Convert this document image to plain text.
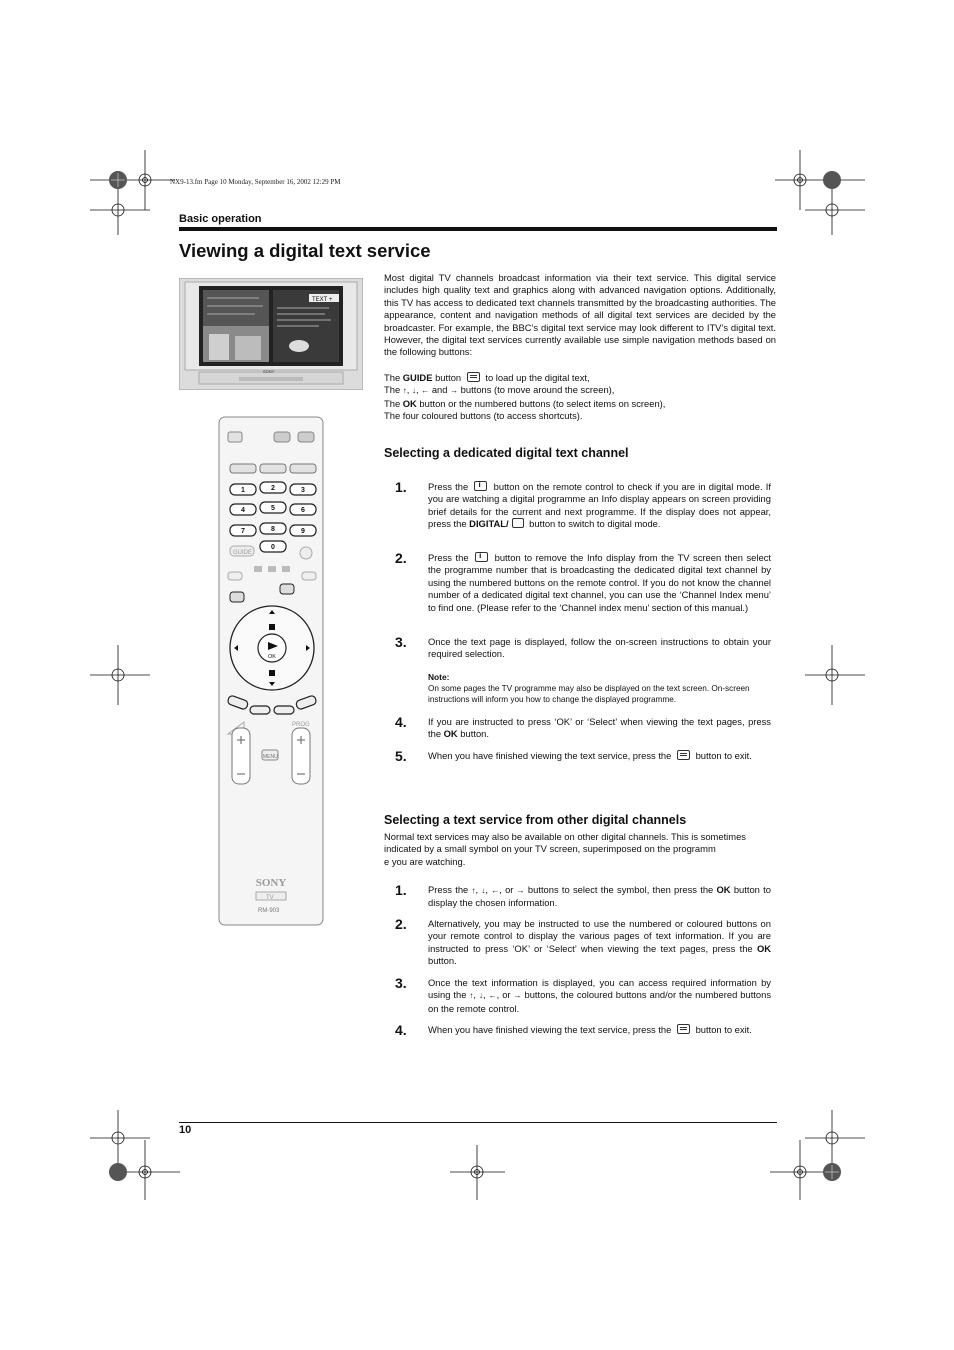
NX9-13.fm Page 10 Monday, September 16, 2002 12:29 PM
Basic operation
Viewing a digital text service
TEXT +
SONY
1	2	3
4	5	6
7	8	9
0
GUIDE
OK
PROG
MENU
SONY
TV
RM-903

Most digital TV channels broadcast information via their text service. This digital service includes high quality text and graphics along with advanced navigation options. Additionally, this TV has access to dedicated text channels transmitted by the broadcasting authorities. The appearance, content and navigation methods of all digital text services are decided by the broadcaster. For example, the BBC’s digital text service may look different to ITV’s digital text. However, the digital text services currently available use simple navigation methods based on the following buttons:

The GUIDE button  to load up the digital text,
The ↑, ↓, ← and → buttons (to move around the screen),
The OK button or the numbered buttons (to select items on screen),
The four coloured buttons (to access shortcuts).
Selecting a dedicated digital text channel
1. Press the i button on the remote control to check if you are in digital mode. If you are watching a digital programme an Info display appears on screen providing brief details for the current and next programme. If the display does not appear, press the DIGITAL/ button to switch to digital mode.
2. Press the i button to remove the Info display from the TV screen then select the programme number that is broadcasting the dedicated digital text channel by using the numbered buttons on the remote control. If you do not know the channel number of a dedicated digital text channel, you can use the ‘Channel Index menu’ to find one. (Please refer to the ‘Channel index menu’ section of this manual.)
3. Once the text page is displayed, follow the on-screen instructions to obtain your required selection.
Note:
On some pages the TV programme may also be displayed on the text screen. On-screen instructions will inform you how to change the displayed programme.
4. If you are instructed to press ‘OK’ or ‘Select’ when viewing the text pages, press the OK button.
5. When you have finished viewing the text service, press the  button to exit.
Selecting a text service from other digital channels
Normal text services may also be available on other digital channels. This is sometimes
indicated by a small symbol on your TV screen, superimposed on the programm
e you are watching.
1. Press the ↑, ↓, ←, or → buttons to select the symbol, then press the OK button to display the chosen information.
2. Alternatively, you may be instructed to use the numbered or coloured buttons on your remote control to display the various pages of text information. If you are instructed to press ‘OK’ or ‘Select’ when viewing the text pages, press the OK button.
3. Once the text information is displayed, you can access required information by using the ↑, ↓, ←, or → buttons, the coloured buttons and/or the numbered buttons on the remote control.
4. When you have finished viewing the text service, press the  button to exit.
10
